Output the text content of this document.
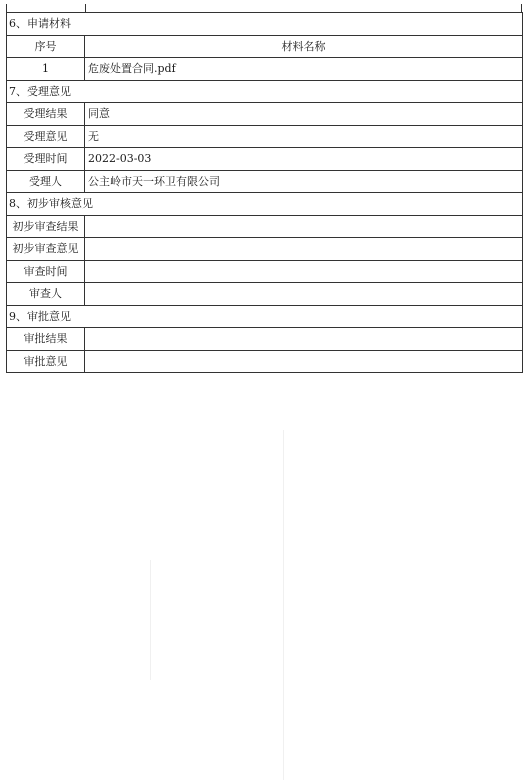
6、申请材料	
序号	材料名称
1	危废处置合同.pdf
7、受理意见	
受理结果	同意
受理意见	无
受理时间	2022-03-03
受理人	公主岭市天一环卫有限公司
8、初步审核意见	
初步审查结果	
初步审查意见	
审查时间	
审查人	
9、审批意见	
审批结果	
审批意见	
